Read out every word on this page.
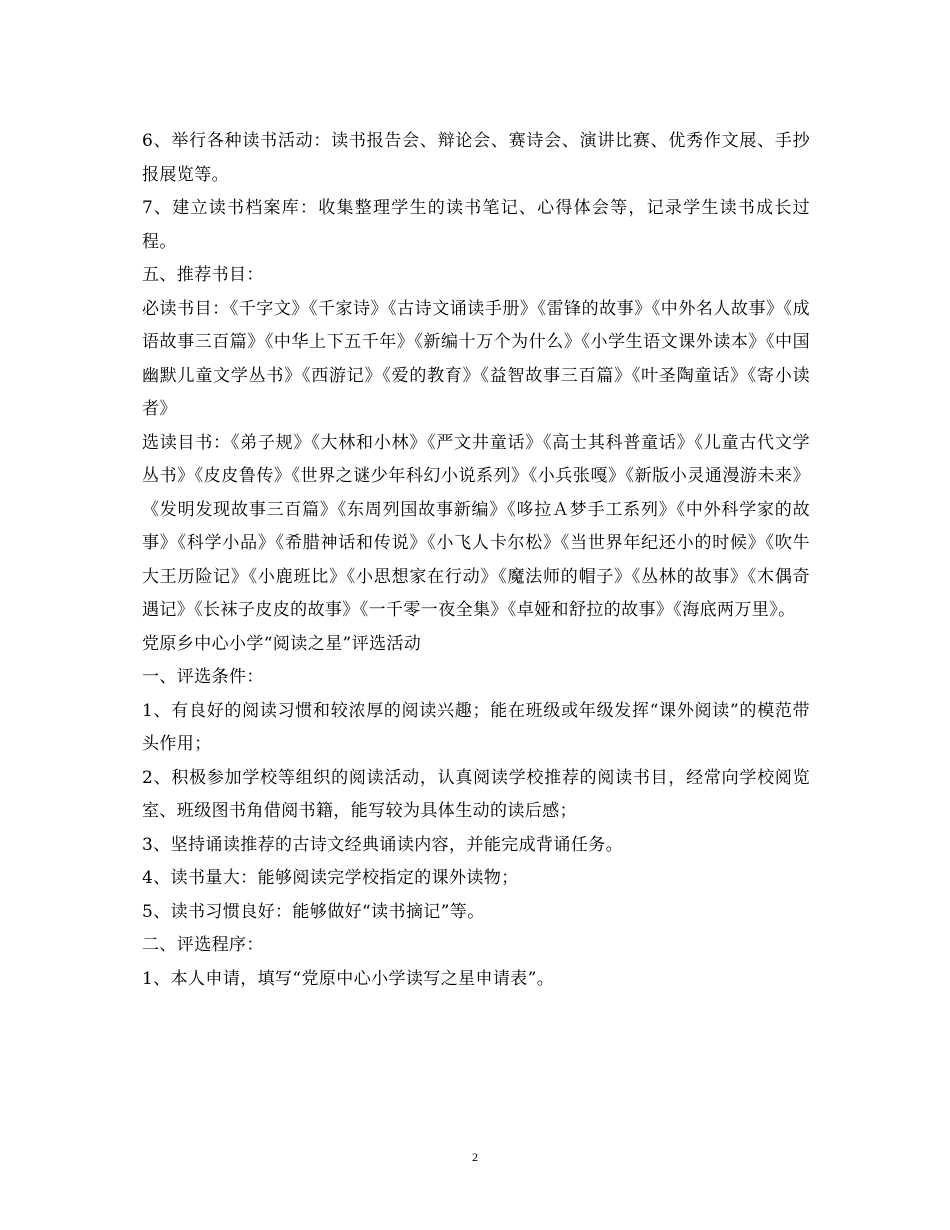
6、举行各种读书活动：读书报告会、辩论会、赛诗会、演讲比赛、优秀作文展、手抄报展览等。

7、建立读书档案库：收集整理学生的读书笔记、心得体会等，记录学生读书成长过程。

五、推荐书目：

必读书目：《千字文》《千家诗》《古诗文诵读手册》《雷锋的故事》《中外名人故事》《成语故事三百篇》《中华上下五千年》《新编十万个为什么》《小学生语文课外读本》《中国幽默儿童文学丛书》《西游记》《爱的教育》《益智故事三百篇》《叶圣陶童话》《寄小读者》

选读目书：《弟子规》《大林和小林》《严文井童话》《高士其科普童话》《儿童古代文学丛书》《皮皮鲁传》《世界之谜少年科幻小说系列》《小兵张嘎》《新版小灵通漫游未来》《发明发现故事三百篇》《东周列国故事新编》《哆拉Ａ梦手工系列》《中外科学家的故事》《科学小品》《希腊神话和传说》《小飞人卡尔松》《当世界年纪还小的时候》《吹牛大王历险记》《小鹿班比》《小思想家在行动》《魔法师的帽子》《丛林的故事》《木偶奇遇记》《长袜子皮皮的故事》《一千零一夜全集》《卓娅和舒拉的故事》《海底两万里》。

党原乡中心小学“阅读之星”评选活动

一、评选条件：

1、有良好的阅读习惯和较浓厚的阅读兴趣；能在班级或年级发挥“课外阅读”的模范带头作用；

2、积极参加学校等组织的阅读活动，认真阅读学校推荐的阅读书目，经常向学校阅览室、班级图书角借阅书籍，能写较为具体生动的读后感；

3、坚持诵读推荐的古诗文经典诵读内容，并能完成背诵任务。

4、读书量大：能够阅读完学校指定的课外读物；

5、读书习惯良好：能够做好“读书摘记”等。

二、评选程序：

1、本人申请，填写“党原中心小学读写之星申请表”。

2
